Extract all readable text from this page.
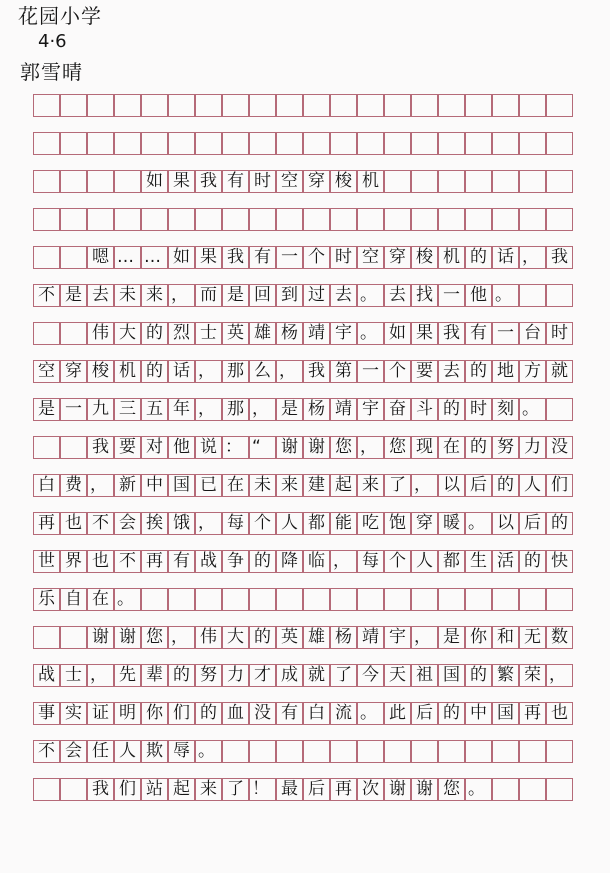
花园小学
4·6
郭雪晴
如 果 我 有 时 空 穿 梭 机
嗯 … … 如 果 我 有 一 个 时 空 穿 梭 机 的 话 ， 我
不 是 去 未 来 ， 而 是 回 到 过 去 。 去 找 一 他 。
伟 大 的 烈 士 英 雄 杨 靖 宇 。 如 果 我 有 一 台 时
空 穿 梭 机 的 话 ， 那 么 ， 我 第 一 个 要 去 的 地 方 就
是 一 九 三 五 年 ， 那 ， 是 杨 靖 宇 奋 斗 的 时 刻 。
我 要 对 他 说 ： “	谢 谢 您 ， 您 现 在 的 努 力 没
白 费 ， 新 中 国 已 在 未 来 建 起 来 了 ， 以 后 的 人 们
再 也 不 会 挨 饿 ， 每 个 人 都 能 吃 饱 穿 暖 。 以 后 的
世 界 也 不 再 有 战 争 的 降 临 ， 每 个 人 都 生 活 的 快
乐 自 在 。
谢 谢 您 ， 伟 大 的 英 雄 杨 靖 宇 ， 是 你 和 无 数
战 士 ， 先 辈 的 努 力 才 成 就 了 今 天 祖 国 的 繁 荣 ，
事 实 证 明 你 们 的 血 没 有 白 流 。 此 后 的 中 国 再 也
不 会 任 人 欺 辱 。
我 们 站 起 来 了 ！ 最 后 再 次 谢 谢 您 。
